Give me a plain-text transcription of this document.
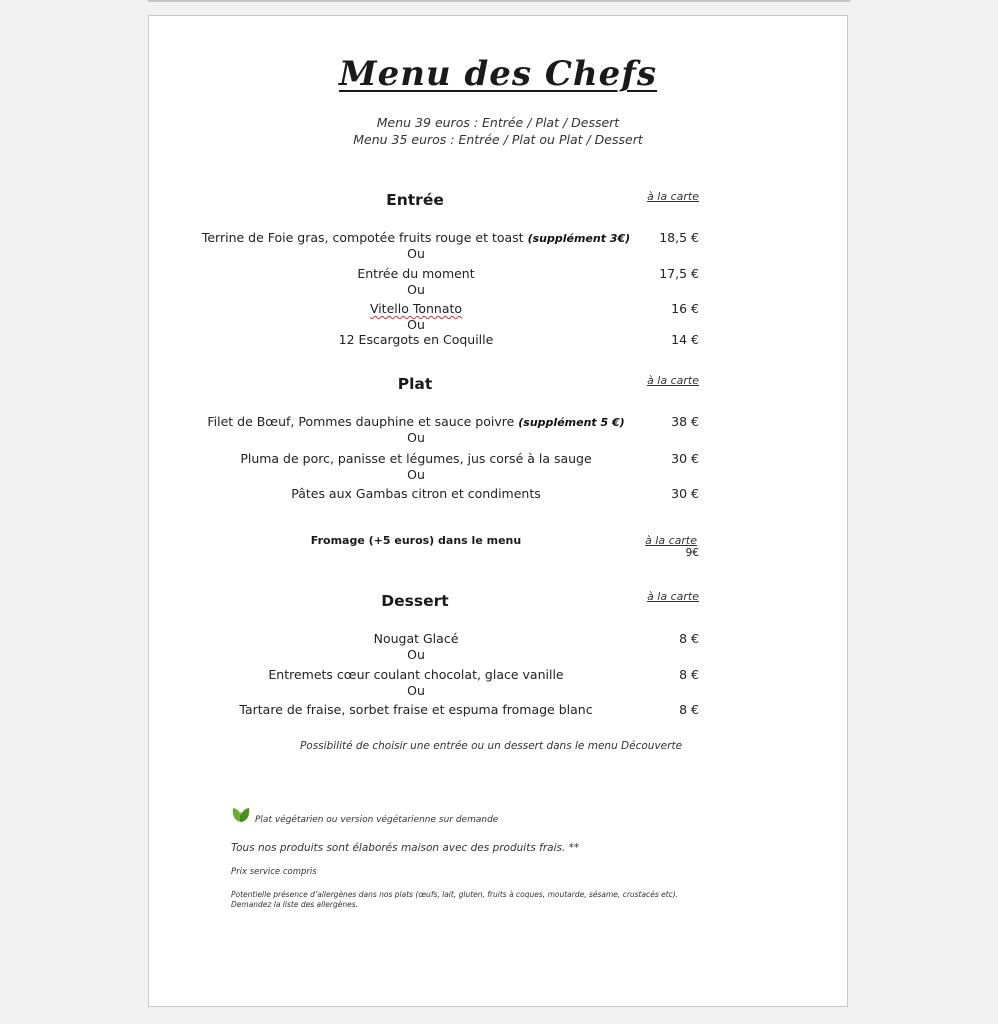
Menu des Chefs
Menu 39 euros : Entrée / Plat / Dessert
Menu 35 euros : Entrée / Plat ou Plat / Dessert
Entrée	à la carte
Terrine de Foie gras, compotée fruits rouge et toast (supplément 3€)	18,5 €
Ou
Entrée du moment	17,5 €
Ou
Vitello Tonnato	16 €
Ou
12 Escargots en Coquille	14 €
Plat	à la carte
Filet de Bœuf, Pommes dauphine et sauce poivre (supplément 5 €)	38 €
Ou
Pluma de porc, panisse et légumes, jus corsé à la sauge	30 €
Ou
Pâtes aux Gambas citron et condiments	30 €
Fromage (+5 euros) dans le menu	à la carte
9€
Dessert	à la carte
Nougat Glacé	8 €
Ou
Entremets cœur coulant chocolat, glace vanille	8 €
Ou
Tartare de fraise, sorbet fraise et espuma fromage blanc	8 €
Possibilité de choisir une entrée ou un dessert dans le menu Découverte
Plat végétarien ou version végétarienne sur demande
Tous nos produits sont élaborés maison avec des produits frais. **
Prix service compris
Potentielle présence d’allergènes dans nos plats (œufs, lait, gluten, fruits à coques, moutarde, sésame, crustacés etc).
Demandez la liste des allergènes.
